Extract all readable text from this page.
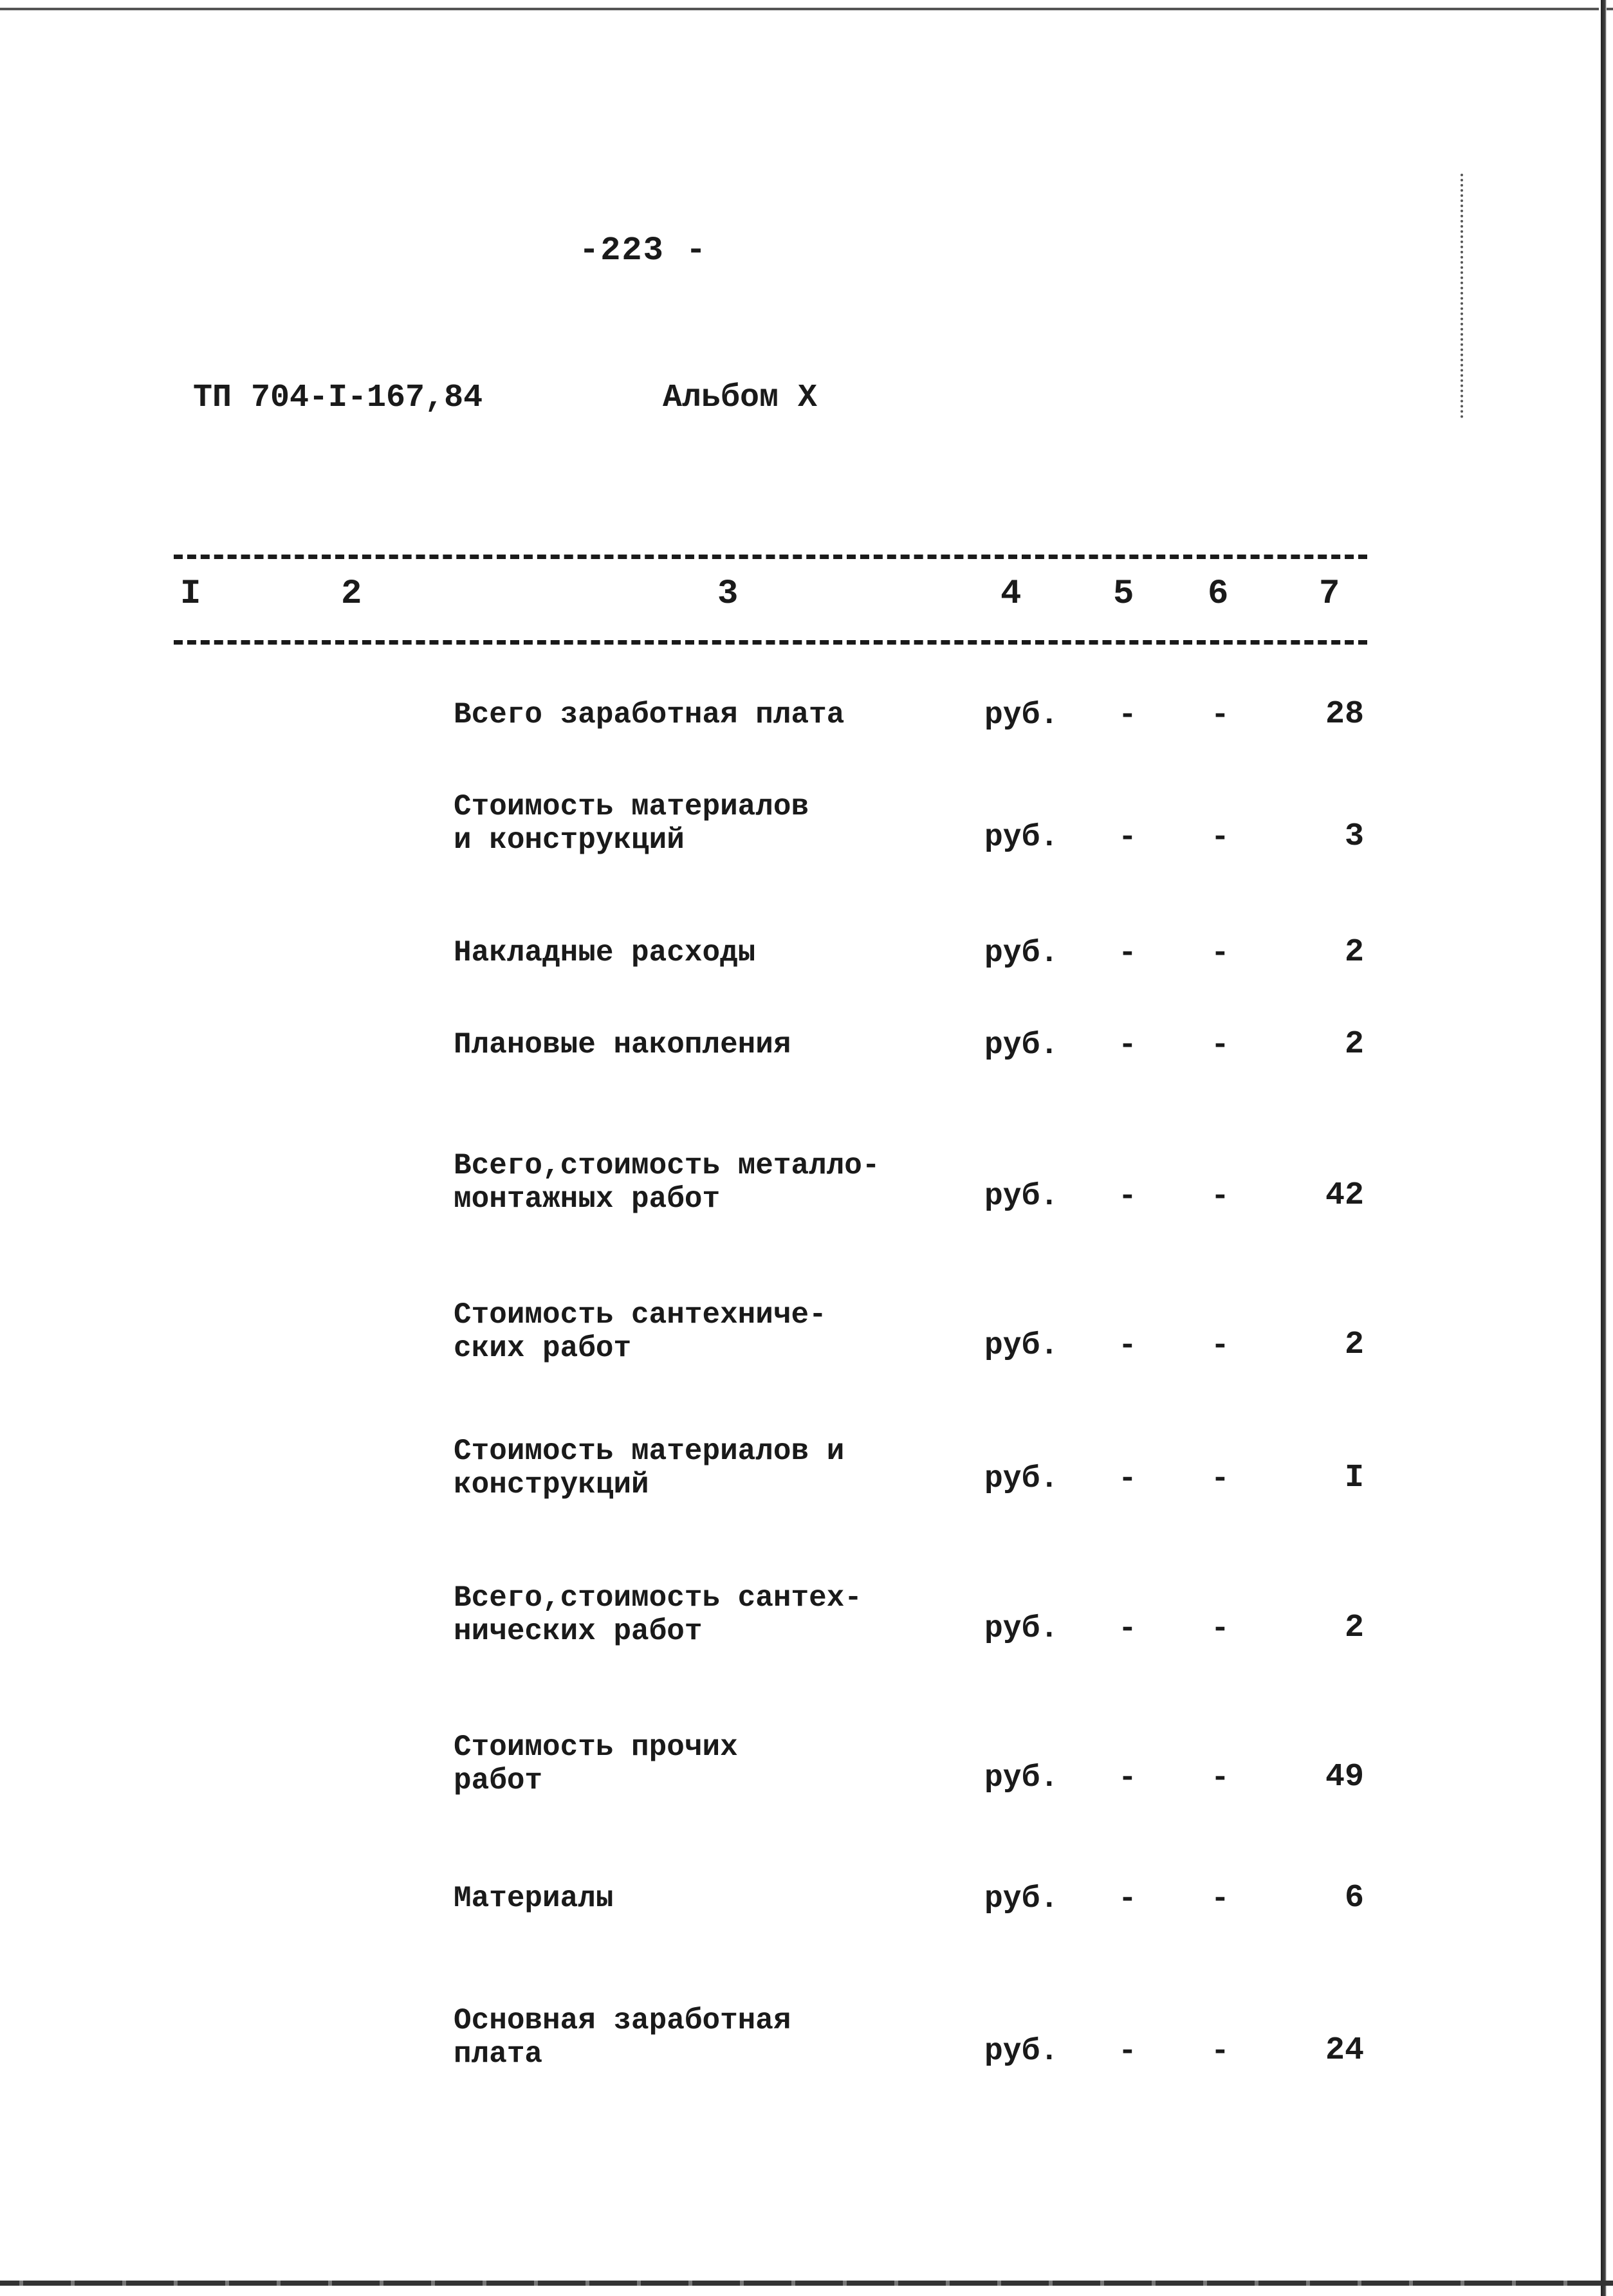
-223 -
ТП 704-I-167,84	Альбом X
I	2	3	4	5 6	7
Всего заработная плата	руб. - -	28
Стоимость материалов
и конструкций	руб. - -	3
Накладные расходы	руб. - -	2
Плановые накопления	руб. - -	2
Всего,стоимость металло-
монтажных работ	руб. - -	42
Стоимость сантехниче-
ских работ	руб. - -	2
Стоимость материалов и
конструкций	руб. - -	I
Всего,стоимость сантех-
нических работ	руб. - -	2
Стоимость прочих
работ	руб. - -	49
Материалы	руб. - -	6
Основная заработная
плата	руб. - -	24
